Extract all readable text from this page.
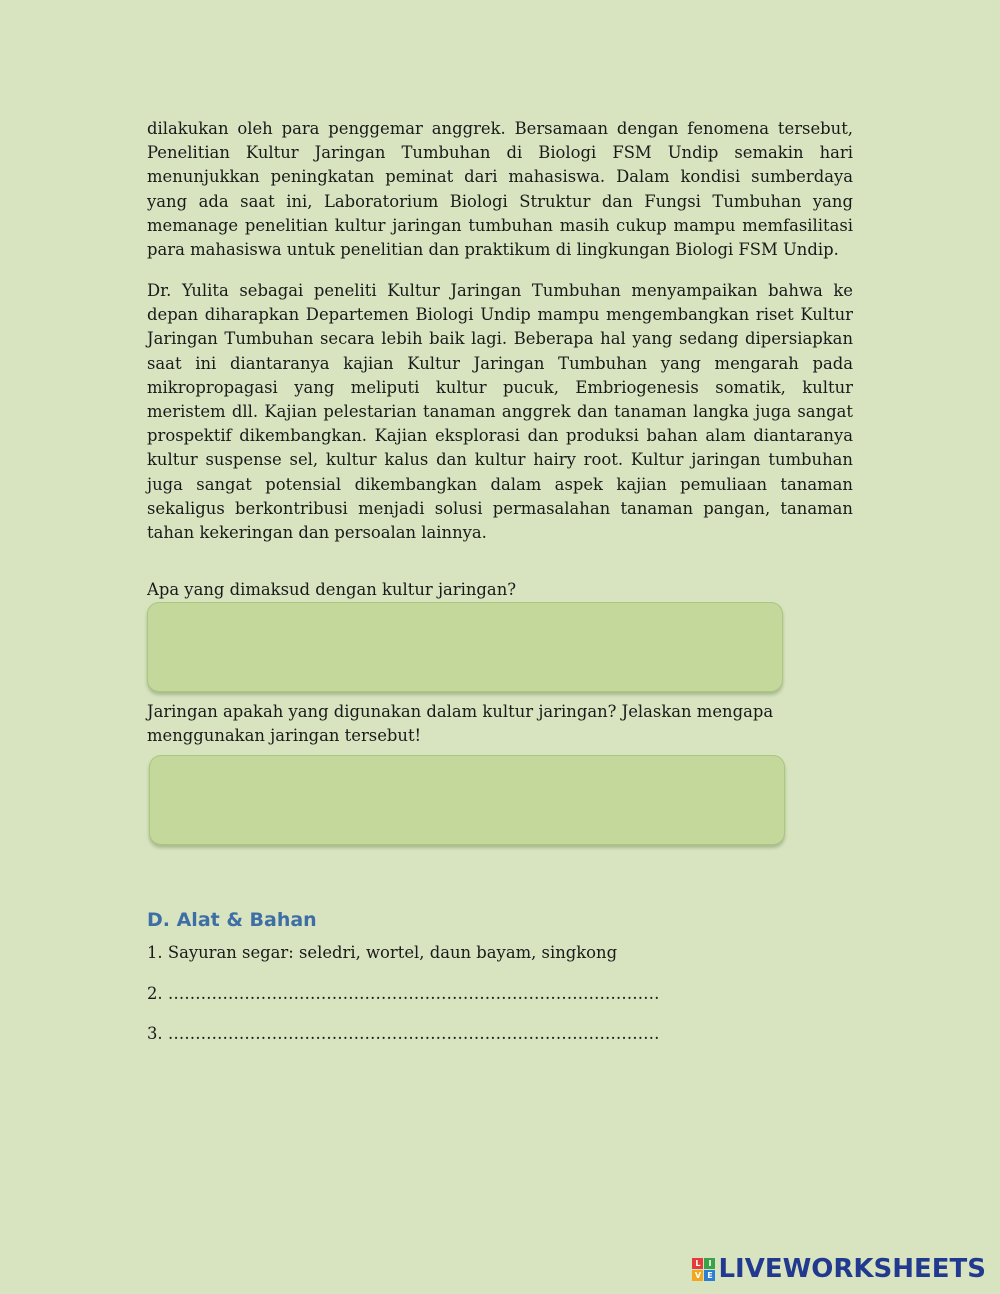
dilakukan oleh para penggemar anggrek. Bersamaan dengan fenomena tersebut, Penelitian Kultur Jaringan Tumbuhan di Biologi FSM Undip semakin hari menunjukkan peningkatan peminat dari mahasiswa. Dalam kondisi sumberdaya yang ada saat ini, Laboratorium Biologi Struktur dan Fungsi Tumbuhan yang memanage penelitian kultur jaringan tumbuhan masih cukup mampu memfasilitasi para mahasiswa untuk penelitian dan praktikum di lingkungan Biologi FSM Undip.

Dr. Yulita sebagai peneliti Kultur Jaringan Tumbuhan menyampaikan bahwa ke depan diharapkan Departemen Biologi Undip mampu mengembangkan riset Kultur Jaringan Tumbuhan secara lebih baik lagi. Beberapa hal yang sedang dipersiapkan saat ini diantaranya kajian Kultur Jaringan Tumbuhan yang mengarah pada mikropropagasi yang meliputi kultur pucuk, Embriogenesis somatik, kultur meristem dll. Kajian pelestarian tanaman anggrek dan tanaman langka juga sangat prospektif dikembangkan. Kajian eksplorasi dan produksi bahan alam diantaranya kultur suspense sel, kultur kalus dan kultur hairy root. Kultur jaringan tumbuhan juga sangat potensial dikembangkan dalam aspek kajian pemuliaan tanaman sekaligus berkontribusi menjadi solusi permasalahan tanaman pangan, tanaman tahan kekeringan dan persoalan lainnya.

Apa yang dimaksud dengan kultur jaringan?

Jaringan apakah yang digunakan dalam kultur jaringan? Jelaskan mengapa menggunakan jaringan tersebut!

D. Alat & Bahan

1. Sayuran segar: seledri, wortel, daun bayam, singkong

2. ………………………………………………………………………………

3. ………………………………………………………………………………

L I
V E LIVEWORKSHEETS
